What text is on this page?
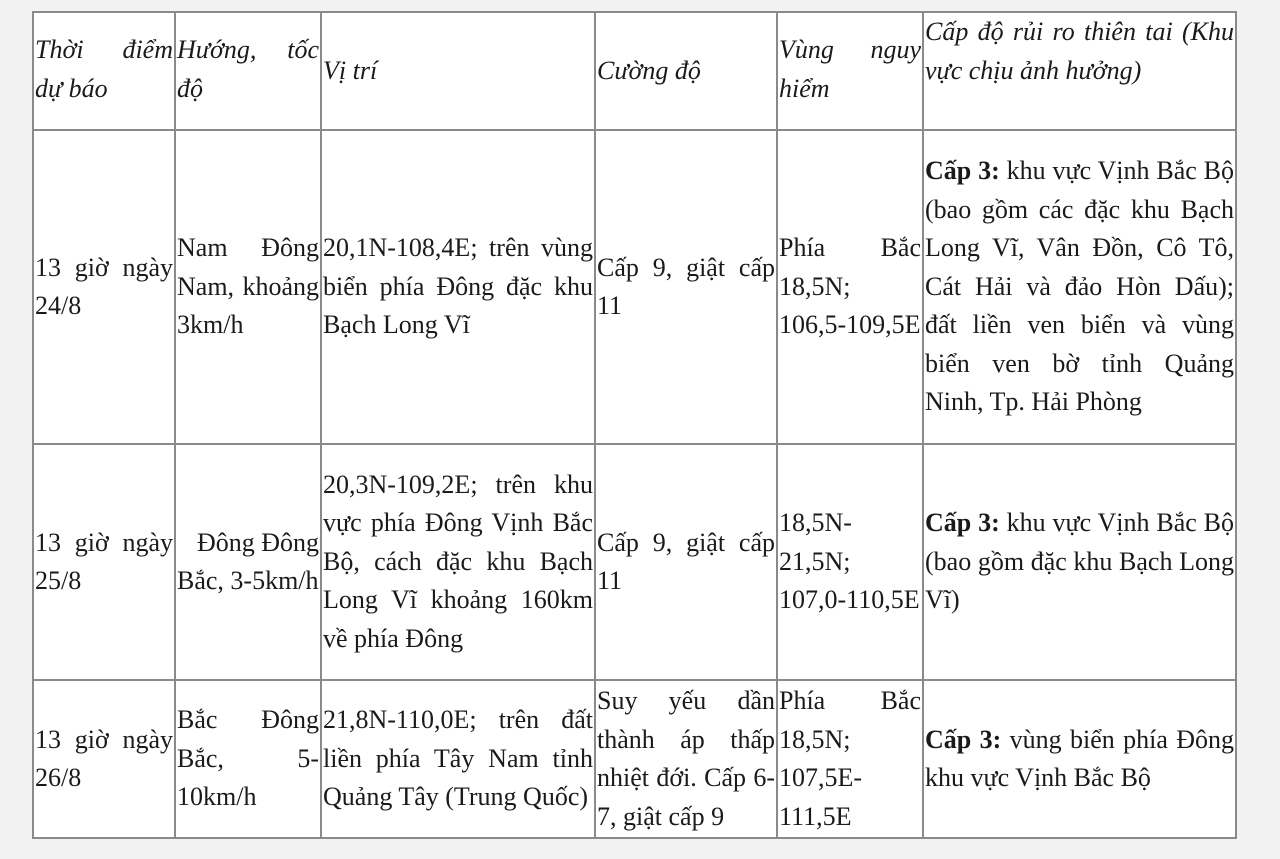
Thời điểm dự báo	Hướng, tốc độ	Vị trí	Cường độ	Vùng nguy hiểm	Cấp độ rủi ro thiên tai (Khu vực chịu ảnh hưởng)
13 giờ ngày 24/8	Nam Đông Nam, khoảng 3km/h	20,1N-108,4E; trên vùng biển phía Đông đặc khu Bạch Long Vĩ	Cấp 9, giật cấp 11	Phía Bắc 18,5N; 106,5-109,5E	Cấp 3: khu vực Vịnh Bắc Bộ (bao gồm các đặc khu Bạch Long Vĩ, Vân Đồn, Cô Tô, Cát Hải và đảo Hòn Dấu); đất liền ven biển và vùng biển ven bờ tỉnh Quảng Ninh, Tp. Hải Phòng
13 giờ ngày 25/8	Đông Đông Bắc, 3-5km/h	20,3N-109,2E; trên khu vực phía Đông Vịnh Bắc Bộ, cách đặc khu Bạch Long Vĩ khoảng 160km về phía Đông	Cấp 9, giật cấp 11	18,5N-21,5N; 107,0-110,5E	Cấp 3: khu vực Vịnh Bắc Bộ (bao gồm đặc khu Bạch Long Vĩ)
13 giờ ngày 26/8	Bắc Đông Bắc, 5-10km/h	21,8N-110,0E; trên đất liền phía Tây Nam tỉnh Quảng Tây (Trung Quốc)	Suy yếu dần thành áp thấp nhiệt đới. Cấp 6-7, giật cấp 9	Phía Bắc 18,5N; 107,5E-111,5E	Cấp 3: vùng biển phía Đông khu vực Vịnh Bắc Bộ
